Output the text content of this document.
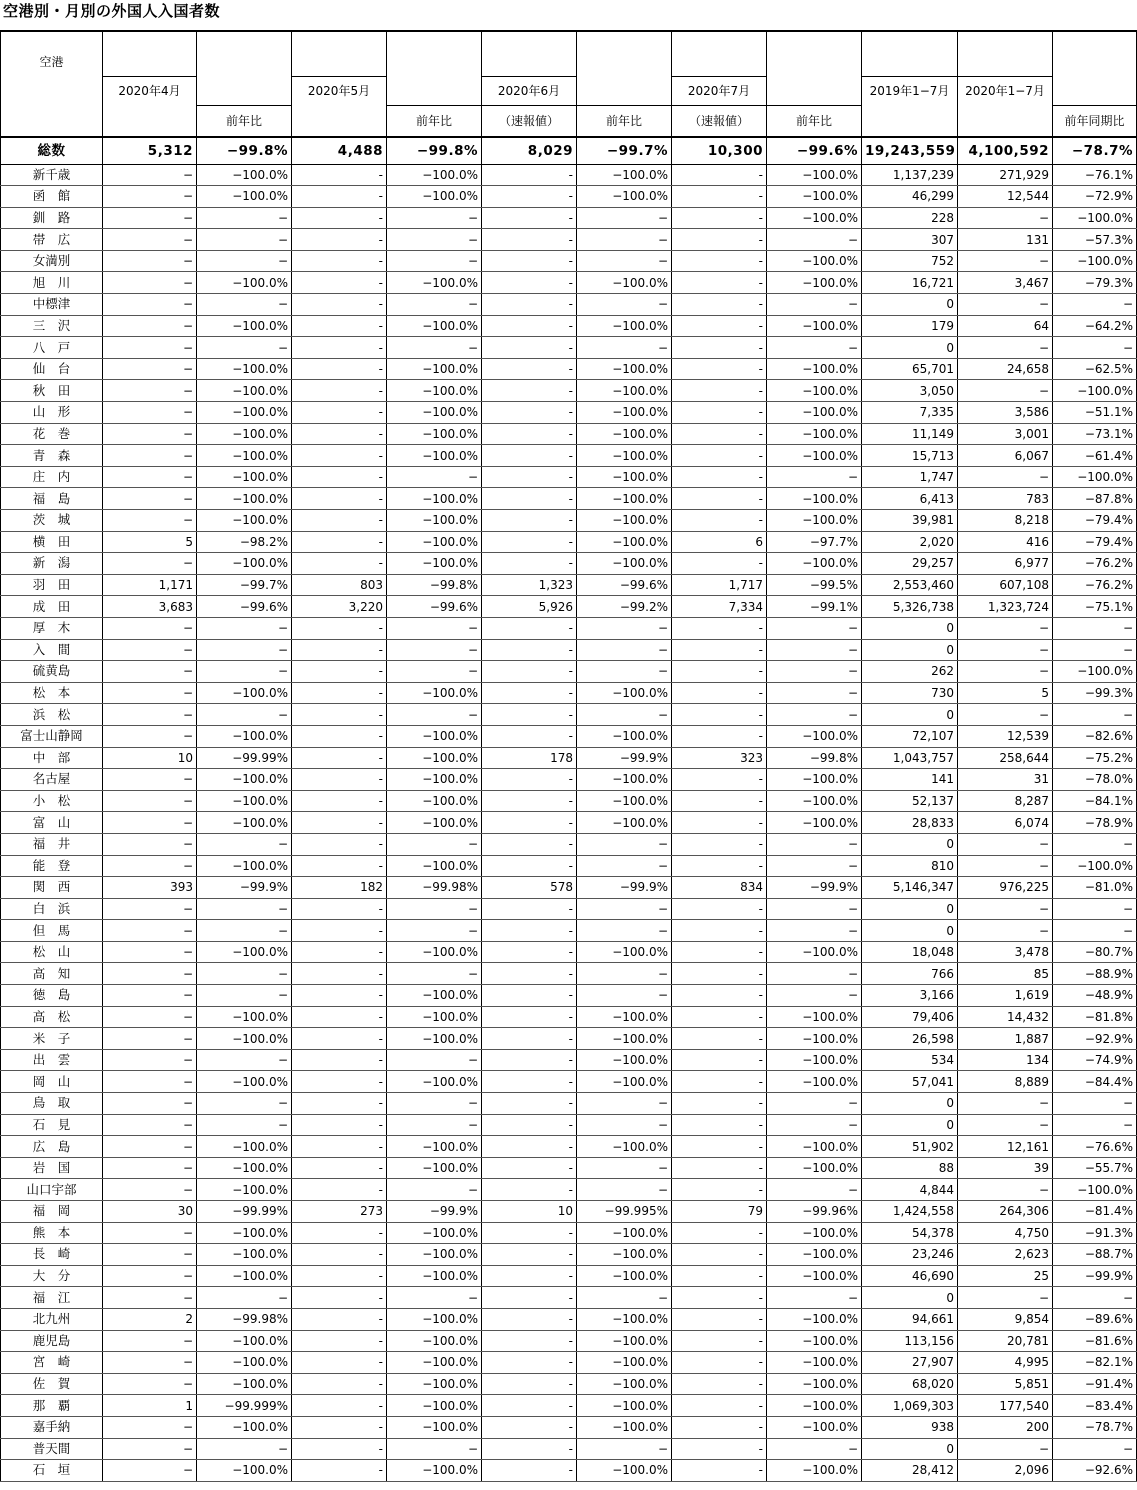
空港別・月別の外国人入国者数
空港											
	2020年4月		2020年5月		2020年6月		2020年7月		2019年1−7月	2020年1−7月	
		前年比		前年比	（速報値）	前年比	（速報値）	前年比			前年同期比
総数	5,312	−99.8%	4,488	−99.8%	8,029	−99.7%	10,300	−99.6%	19,243,559	4,100,592	−78.7%
新千歳	−	−100.0%	-	−100.0%	-	−100.0%	-	−100.0%	1,137,239	271,929	−76.1%
函　館	−	−100.0%	-	−100.0%	-	−100.0%	-	−100.0%	46,299	12,544	−72.9%
釧　路	−	−	-	−	-	−	-	−100.0%	228	−	−100.0%
帯　広	−	−	-	−	-	−	-	−	307	131	−57.3%
女満別	−	−	-	−	-	−	-	−100.0%	752	−	−100.0%
旭　川	−	−100.0%	-	−100.0%	-	−100.0%	-	−100.0%	16,721	3,467	−79.3%
中標津	−	−	-	−	-	−	-	−	0	−	−
三　沢	−	−100.0%	-	−100.0%	-	−100.0%	-	−100.0%	179	64	−64.2%
八　戸	−	−	-	−	-	−	-	−	0	−	−
仙　台	−	−100.0%	-	−100.0%	-	−100.0%	-	−100.0%	65,701	24,658	−62.5%
秋　田	−	−100.0%	-	−100.0%	-	−100.0%	-	−100.0%	3,050	−	−100.0%
山　形	−	−100.0%	-	−100.0%	-	−100.0%	-	−100.0%	7,335	3,586	−51.1%
花　巻	−	−100.0%	-	−100.0%	-	−100.0%	-	−100.0%	11,149	3,001	−73.1%
青　森	−	−100.0%	-	−100.0%	-	−100.0%	-	−100.0%	15,713	6,067	−61.4%
庄　内	−	−100.0%	-	−	-	−100.0%	-	−	1,747	−	−100.0%
福　島	−	−100.0%	-	−100.0%	-	−100.0%	-	−100.0%	6,413	783	−87.8%
茨　城	−	−100.0%	-	−100.0%	-	−100.0%	-	−100.0%	39,981	8,218	−79.4%
横　田	5	−98.2%	-	−100.0%	-	−100.0%	6	−97.7%	2,020	416	−79.4%
新　潟	−	−100.0%	-	−100.0%	-	−100.0%	-	−100.0%	29,257	6,977	−76.2%
羽　田	1,171	−99.7%	803	−99.8%	1,323	−99.6%	1,717	−99.5%	2,553,460	607,108	−76.2%
成　田	3,683	−99.6%	3,220	−99.6%	5,926	−99.2%	7,334	−99.1%	5,326,738	1,323,724	−75.1%
厚　木	−	−	-	−	-	−	-	−	0	−	−
入　間	−	−	-	−	-	−	-	−	0	−	−
硫黄島	−	−	-	−	-	−	-	−	262	−	−100.0%
松　本	−	−100.0%	-	−100.0%	-	−100.0%	-	−	730	5	−99.3%
浜　松	−	−	-	−	-	−	-	−	0	−	−
富士山静岡	−	−100.0%	-	−100.0%	-	−100.0%	-	−100.0%	72,107	12,539	−82.6%
中　部	10	−99.99%	-	−100.0%	178	−99.9%	323	−99.8%	1,043,757	258,644	−75.2%
名古屋	−	−100.0%	-	−100.0%	-	−100.0%	-	−100.0%	141	31	−78.0%
小　松	−	−100.0%	-	−100.0%	-	−100.0%	-	−100.0%	52,137	8,287	−84.1%
富　山	−	−100.0%	-	−100.0%	-	−100.0%	-	−100.0%	28,833	6,074	−78.9%
福　井	−	−	-	−	-	−	-	−	0	−	−
能　登	−	−100.0%	-	−100.0%	-	−	-	−	810	−	−100.0%
関　西	393	−99.9%	182	−99.98%	578	−99.9%	834	−99.9%	5,146,347	976,225	−81.0%
白　浜	−	−	-	−	-	−	-	−	0	−	−
但　馬	−	−	-	−	-	−	-	−	0	−	−
松　山	−	−100.0%	-	−100.0%	-	−100.0%	-	−100.0%	18,048	3,478	−80.7%
高　知	−	−	-	−	-	−	-	−	766	85	−88.9%
徳　島	−	−	-	−100.0%	-	−	-	−	3,166	1,619	−48.9%
高　松	−	−100.0%	-	−100.0%	-	−100.0%	-	−100.0%	79,406	14,432	−81.8%
米　子	−	−100.0%	-	−100.0%	-	−100.0%	-	−100.0%	26,598	1,887	−92.9%
出　雲	−	−	-	−	-	−100.0%	-	−100.0%	534	134	−74.9%
岡　山	−	−100.0%	-	−100.0%	-	−100.0%	-	−100.0%	57,041	8,889	−84.4%
鳥　取	−	−	-	−	-	−	-	−	0	−	−
石　見	−	−	-	−	-	−	-	−	0	−	−
広　島	−	−100.0%	-	−100.0%	-	−100.0%	-	−100.0%	51,902	12,161	−76.6%
岩　国	−	−100.0%	-	−100.0%	-	−	-	−100.0%	88	39	−55.7%
山口宇部	−	−100.0%	-	−	-	−	-	−	4,844	−	−100.0%
福　岡	30	−99.99%	273	−99.9%	10	−99.995%	79	−99.96%	1,424,558	264,306	−81.4%
熊　本	−	−100.0%	-	−100.0%	-	−100.0%	-	−100.0%	54,378	4,750	−91.3%
長　崎	−	−100.0%	-	−100.0%	-	−100.0%	-	−100.0%	23,246	2,623	−88.7%
大　分	−	−100.0%	-	−100.0%	-	−100.0%	-	−100.0%	46,690	25	−99.9%
福　江	−	−	-	−	-	−	-	−	0	−	−
北九州	2	−99.98%	-	−100.0%	-	−100.0%	-	−100.0%	94,661	9,854	−89.6%
鹿児島	−	−100.0%	-	−100.0%	-	−100.0%	-	−100.0%	113,156	20,781	−81.6%
宮　崎	−	−100.0%	-	−100.0%	-	−100.0%	-	−100.0%	27,907	4,995	−82.1%
佐　賀	−	−100.0%	-	−100.0%	-	−100.0%	-	−100.0%	68,020	5,851	−91.4%
那　覇	1	−99.999%	-	−100.0%	-	−100.0%	-	−100.0%	1,069,303	177,540	−83.4%
嘉手納	−	−100.0%	-	−100.0%	-	−100.0%	-	−100.0%	938	200	−78.7%
普天間	−	−	-	−	-	−	-	−	0	−	−
石　垣	−	−100.0%	-	−100.0%	-	−100.0%	-	−100.0%	28,412	2,096	−92.6%
